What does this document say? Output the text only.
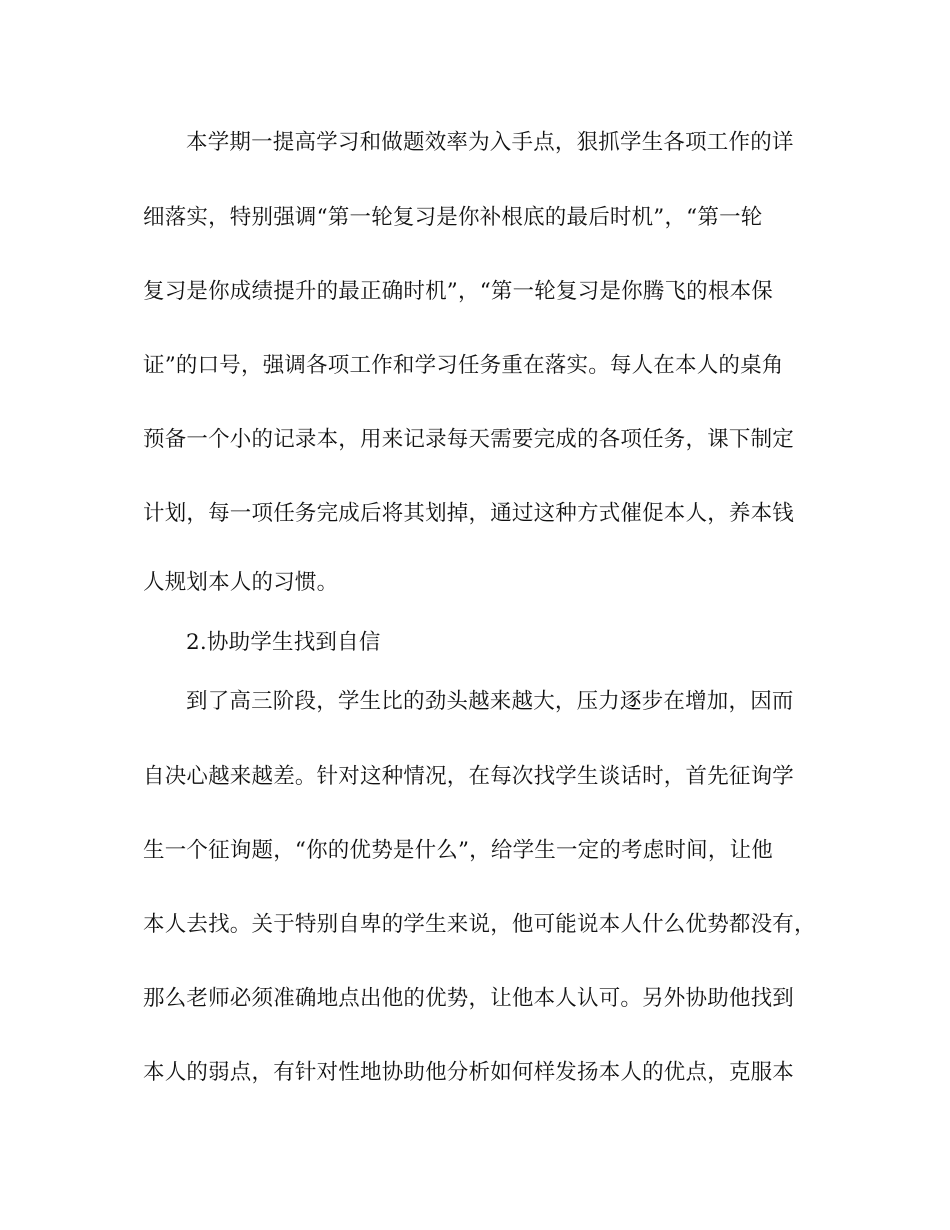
本学期一提高学习和做题效率为入手点，狠抓学生各项工作的详
细落实，特别强调“第一轮复习是你补根底的最后时机”，“第一轮
复习是你成绩提升的最正确时机”，“第一轮复习是你腾飞的根本保
证”的口号，强调各项工作和学习任务重在落实。每人在本人的桌角
预备一个小的记录本，用来记录每天需要完成的各项任务，课下制定
计划，每一项任务完成后将其划掉，通过这种方式催促本人，养本钱
人规划本人的习惯。
2.协助学生找到自信
到了高三阶段，学生比的劲头越来越大，压力逐步在增加，因而
自决心越来越差。针对这种情况，在每次找学生谈话时，首先征询学
生一个征询题，“你的优势是什么”，给学生一定的考虑时间，让他
本人去找。关于特别自卑的学生来说，他可能说本人什么优势都没有，
那么老师必须准确地点出他的优势，让他本人认可。另外协助他找到
本人的弱点，有针对性地协助他分析如何样发扬本人的优点，克服本
